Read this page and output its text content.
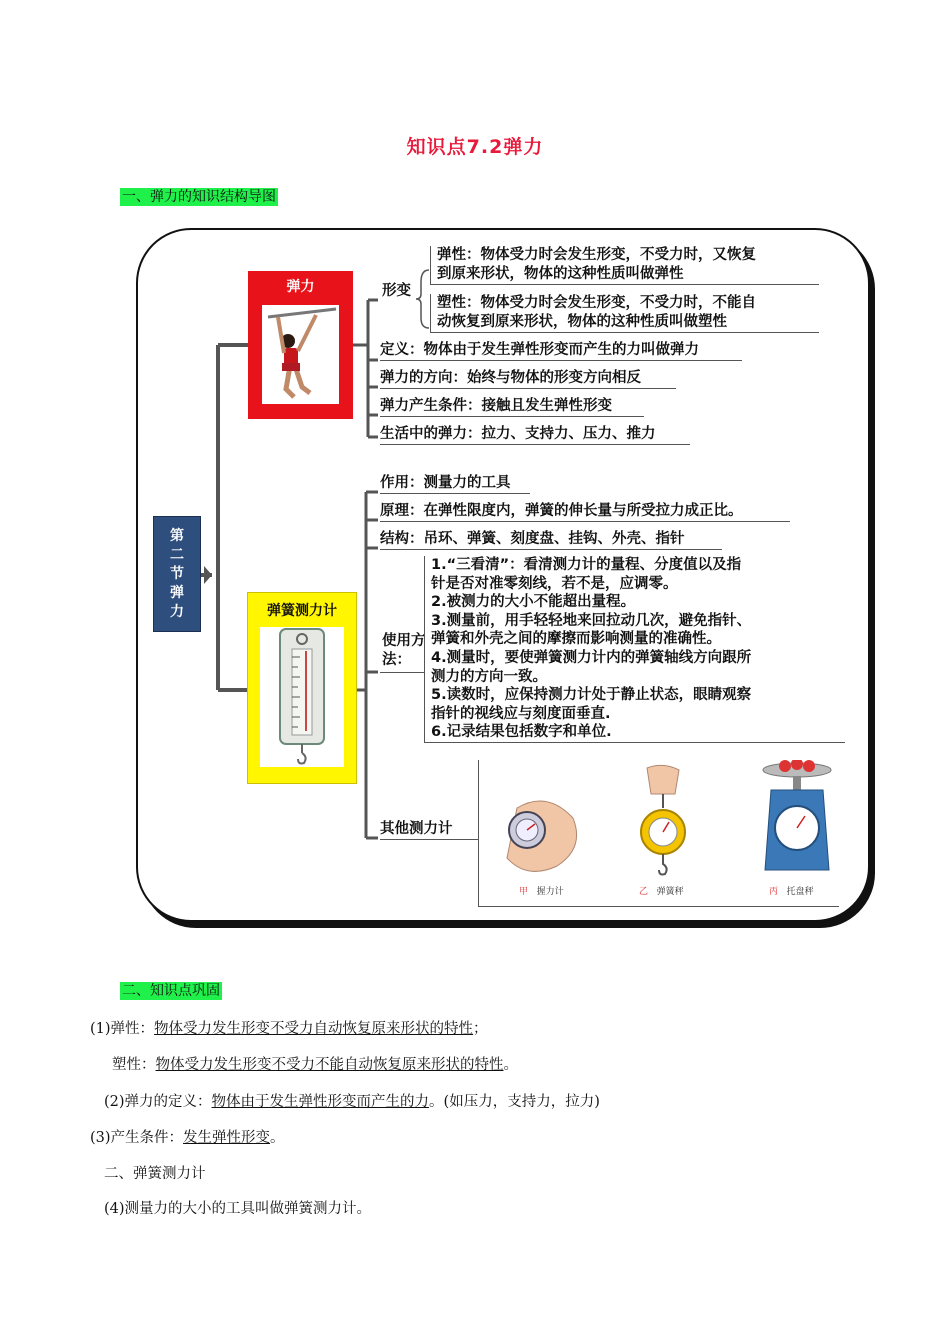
知识点7.2弹力
一、弹力的知识结构导图
第
二
节
弹
力
弹力	形变
弹性：物体受力时会发生形变，不受力时，又恢复
到原来形状，物体的这种性质叫做弹性
塑性：物体受力时会发生形变，不受力时，不能自
动恢复到原来形状，物体的这种性质叫做塑性
定义：物体由于发生弹性形变而产生的力叫做弹力
弹力的方向：始终与物体的形变方向相反
弹力产生条件：接触且发生弹性形变
生活中的弹力：拉力、支持力、压力、推力
弹簧测力计
作用：测量力的工具
原理：在弹性限度内，弹簧的伸长量与所受拉力成正比。
结构：吊环、弹簧、刻度盘、挂钩、外壳、指针
使用方
法：
1.“三看清”：看清测力计的量程、分度值以及指
针是否对准零刻线，若不是，应调零。
2.被测力的大小不能超出量程。
3.测量前，用手轻轻地来回拉动几次，避免指针、
弹簧和外壳之间的摩擦而影响测量的准确性。
4.测量时，要使弹簧测力计内的弹簧轴线方向跟所
测力的方向一致。
5.读数时，应保持测力计处于静止状态，眼睛观察
指针的视线应与刻度面垂直.
6.记录结果包括数字和单位.
其他测力计
甲 握力计	乙 弹簧秤	丙 托盘秤
二、知识点巩固
(1)弹性：物体受力发生形变不受力自动恢复原来形状的特性；
塑性：物体受力发生形变不受力不能自动恢复原来形状的特性。
(2)弹力的定义：物体由于发生弹性形变而产生的力。(如压力，支持力，拉力)
(3)产生条件：发生弹性形变。
二、弹簧测力计
(4)测量力的大小的工具叫做弹簧测力计。
